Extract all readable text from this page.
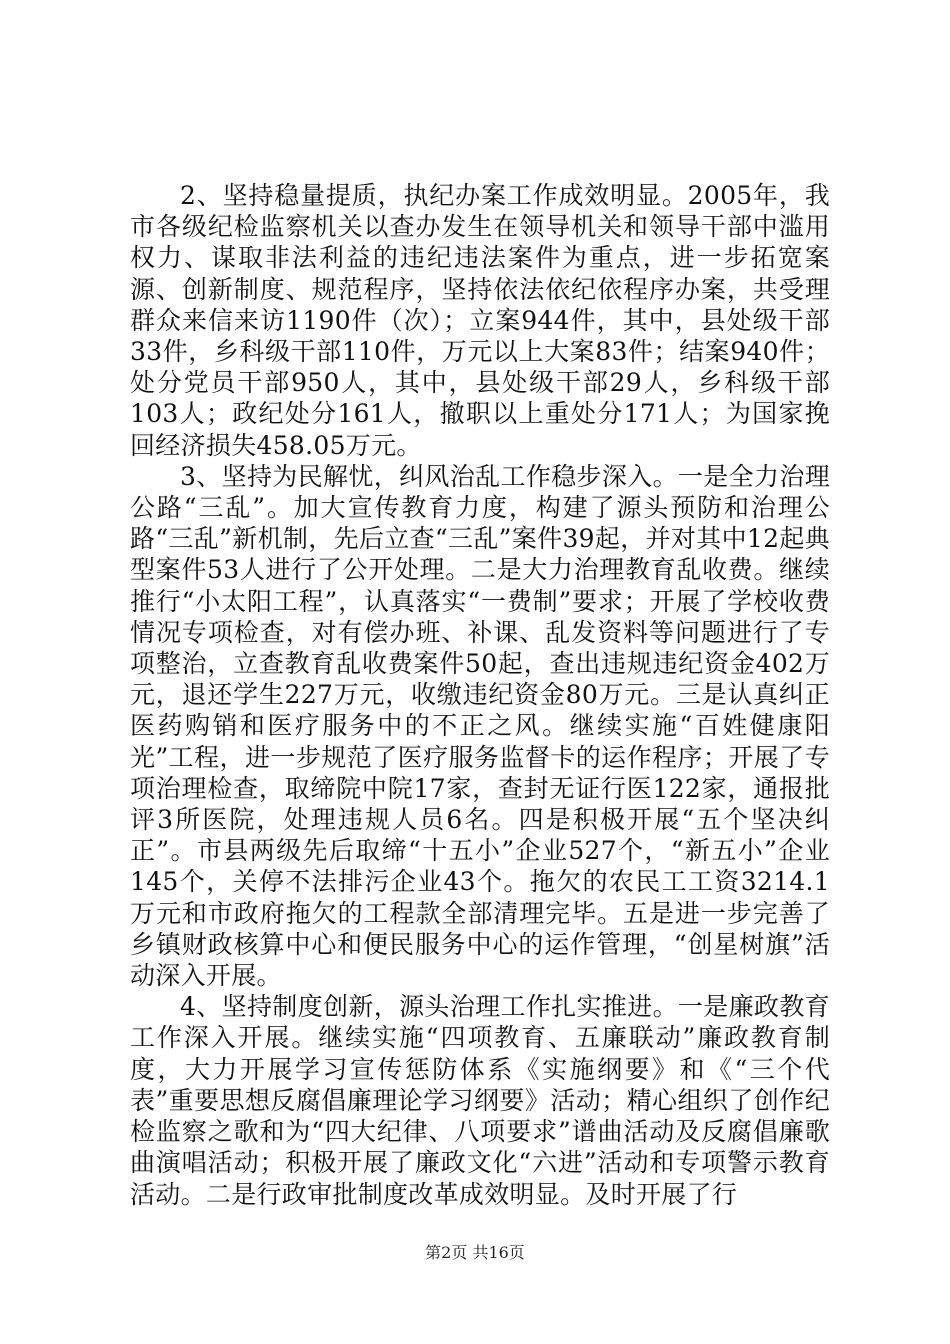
2、坚持稳量提质，执纪办案工作成效明显。2005年，我市各级纪检监察机关以查办发生在领导机关和领导干部中滥用权力、谋取非法利益的违纪违法案件为重点，进一步拓宽案源、创新制度、规范程序，坚持依法依纪依程序办案，共受理群众来信来访1190件（次）；立案944件，其中，县处级干部33件，乡科级干部110件，万元以上大案83件；结案940件；处分党员干部950人，其中，县处级干部29人，乡科级干部103人；政纪处分161人，撤职以上重处分171人；为国家挽回经济损失458.05万元。

3、坚持为民解忧，纠风治乱工作稳步深入。一是全力治理公路“三乱”。加大宣传教育力度，构建了源头预防和治理公路“三乱”新机制，先后立查“三乱”案件39起，并对其中12起典型案件53人进行了公开处理。二是大力治理教育乱收费。继续推行“小太阳工程”，认真落实“一费制”要求；开展了学校收费情况专项检查，对有偿办班、补课、乱发资料等问题进行了专项整治，立查教育乱收费案件50起，查出违规违纪资金402万元，退还学生227万元，收缴违纪资金80万元。三是认真纠正医药购销和医疗服务中的不正之风。继续实施“百姓健康阳光”工程，进一步规范了医疗服务监督卡的运作程序；开展了专项治理检查，取缔院中院17家，查封无证行医122家，通报批评3所医院，处理违规人员6名。四是积极开展“五个坚决纠正”。市县两级先后取缔“十五小”企业527个，“新五小”企业145个，关停不法排污企业43个。拖欠的农民工工资3214.1万元和市政府拖欠的工程款全部清理完毕。五是进一步完善了乡镇财政核算中心和便民服务中心的运作管理，“创星树旗”活动深入开展。

4、坚持制度创新，源头治理工作扎实推进。一是廉政教育工作深入开展。继续实施“四项教育、五廉联动”廉政教育制度，大力开展学习宣传惩防体系《实施纲要》和《“三个代表”重要思想反腐倡廉理论学习纲要》活动；精心组织了创作纪检监察之歌和为“四大纪律、八项要求”谱曲活动及反腐倡廉歌曲演唱活动；积极开展了廉政文化“六进”活动和专项警示教育活动。二是行政审批制度改革成效明显。及时开展了行

第2页 共16页
